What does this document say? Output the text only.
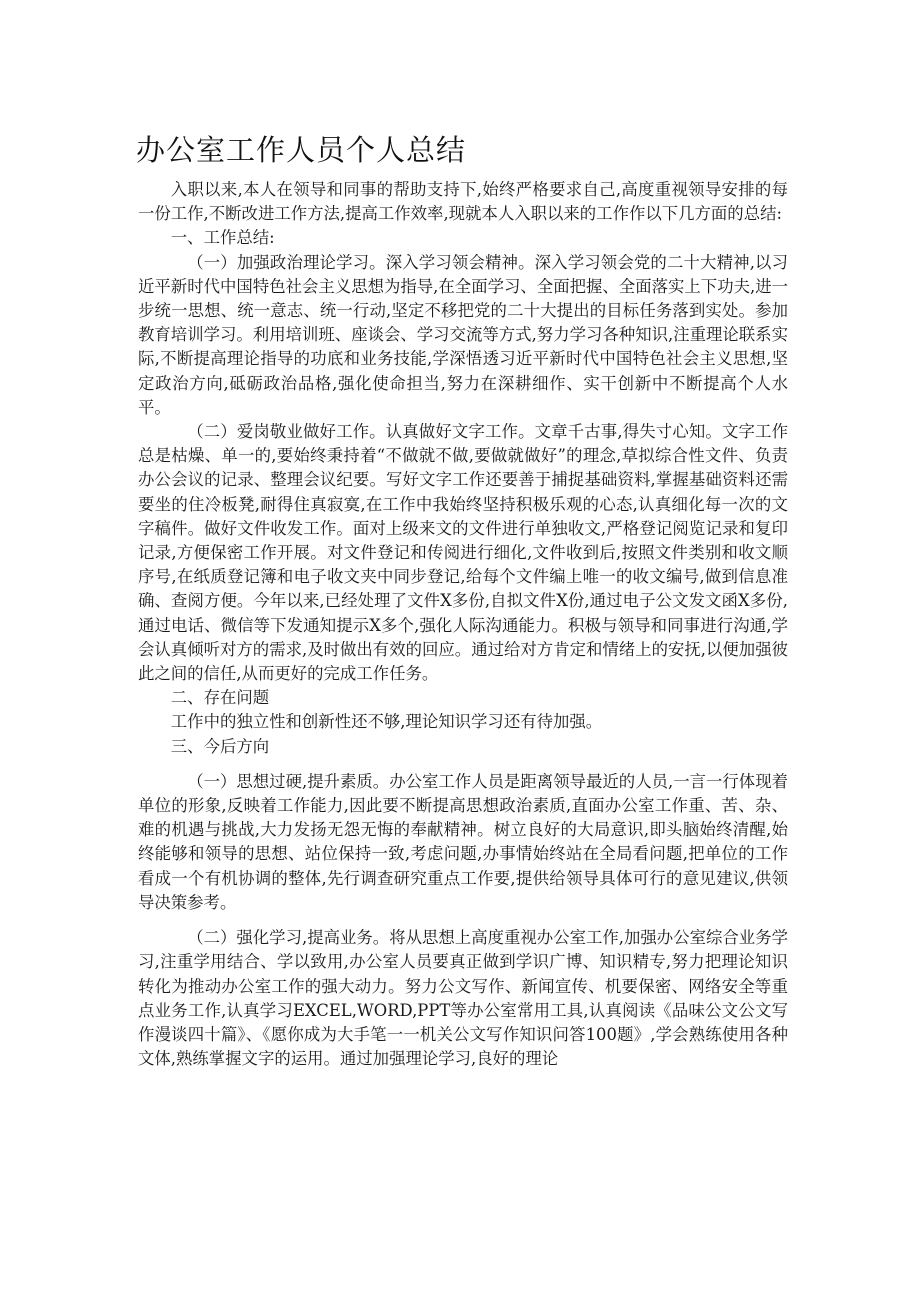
办公室工作人员个人总结

入职以来,本人在领导和同事的帮助支持下,始终严格要求自己,高度重视领导安排的每一份工作,不断改进工作方法,提高工作效率,现就本人入职以来的工作作以下几方面的总结:

一、工作总结:

（一）加强政治理论学习。深入学习领会精神。深入学习领会党的二十大精神,以习近平新时代中国特色社会主义思想为指导,在全面学习、全面把握、全面落实上下功夫,进一步统一思想、统一意志、统一行动,坚定不移把党的二十大提出的目标任务落到实处。参加教育培训学习。利用培训班、座谈会、学习交流等方式,努力学习各种知识,注重理论联系实际,不断提高理论指导的功底和业务技能,学深悟透习近平新时代中国特色社会主义思想,坚定政治方向,砥砺政治品格,强化使命担当,努力在深耕细作、实干创新中不断提高个人水平。

（二）爱岗敬业做好工作。认真做好文字工作。文章千古事,得失寸心知。文字工作总是枯燥、单一的,要始终秉持着“不做就不做,要做就做好”的理念,草拟综合性文件、负责办公会议的记录、整理会议纪要。写好文字工作还要善于捕捉基础资料,掌握基础资料还需要坐的住冷板凳,耐得住真寂寞,在工作中我始终坚持积极乐观的心态,认真细化每一次的文字稿件。做好文件收发工作。面对上级来文的文件进行单独收文,严格登记阅览记录和复印记录,方便保密工作开展。对文件登记和传阅进行细化,文件收到后,按照文件类别和收文顺序号,在纸质登记簿和电子收文夹中同步登记,给每个文件编上唯一的收文编号,做到信息准确、查阅方便。今年以来,已经处理了文件X多份,自拟文件X份,通过电子公文发文函X多份,通过电话、微信等下发通知提示X多个,强化人际沟通能力。积极与领导和同事进行沟通,学会认真倾听对方的需求,及时做出有效的回应。通过给对方肯定和情绪上的安抚,以便加强彼此之间的信任,从而更好的完成工作任务。

二、存在问题

工作中的独立性和创新性还不够,理论知识学习还有待加强。

三、今后方向

（一）思想过硬,提升素质。办公室工作人员是距离领导最近的人员,一言一行体现着单位的形象,反映着工作能力,因此要不断提高思想政治素质,直面办公室工作重、苦、杂、难的机遇与挑战,大力发扬无怨无悔的奉献精神。树立良好的大局意识,即头脑始终清醒,始终能够和领导的思想、站位保持一致,考虑问题,办事情始终站在全局看问题,把单位的工作看成一个有机协调的整体,先行调查研究重点工作要,提供给领导具体可行的意见建议,供领导决策参考。

（二）强化学习,提高业务。将从思想上高度重视办公室工作,加强办公室综合业务学习,注重学用结合、学以致用,办公室人员要真正做到学识广博、知识精专,努力把理论知识转化为推动办公室工作的强大动力。努力公文写作、新闻宣传、机要保密、网络安全等重点业务工作,认真学习EXCEL,WORD,PPT等办公室常用工具,认真阅读《品味公文公文写作漫谈四十篇》、《愿你成为大手笔一一机关公文写作知识问答100题》,学会熟练使用各种文体,熟练掌握文字的运用。通过加强理论学习,良好的理论
